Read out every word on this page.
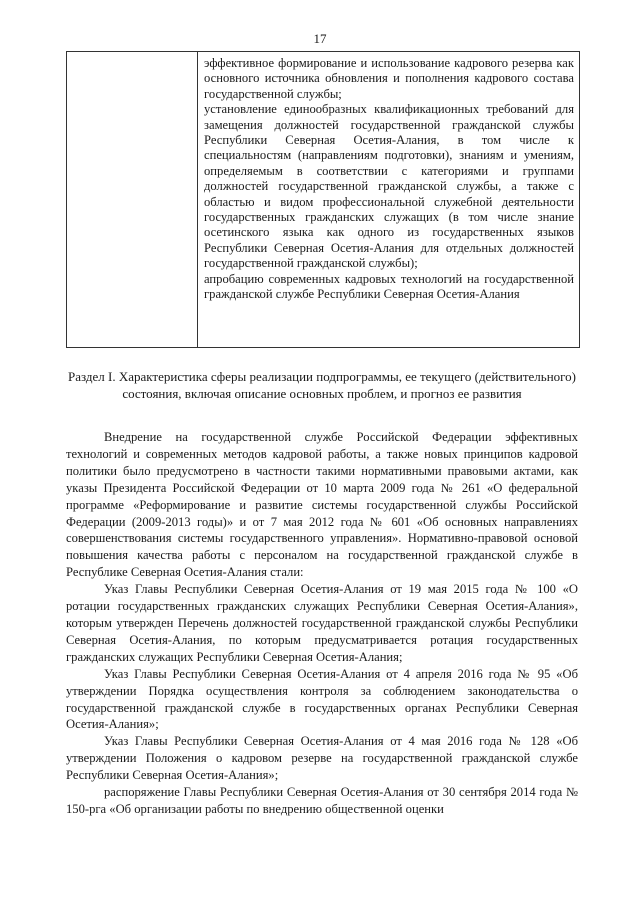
17

эффективное формирование и использование кадрового резерва как основного источника обновления и пополнения кадрового состава государственной службы;

установление единообразных квалификационных требований для замещения должностей государственной гражданской службы Республики Северная Осетия-Алания, в том числе к специальностям (направлениям подготовки), знаниям и умениям, определяемым в соответствии с категориями и группами должностей государственной гражданской службы, а также с областью и видом профессиональной служебной деятельности государственных гражданских служащих (в том числе знание осетинского языка как одного из государственных языков Республики Северная Осетия-Алания для отдельных должностей государственной гражданской службы);

апробацию современных кадровых технологий на государственной гражданской службе Республики Северная Осетия-Алания

Раздел I. Характеристика сферы реализации подпрограммы, ее текущего (действительного) состояния, включая описание основных проблем, и прогноз ее развития

Внедрение на государственной службе Российской Федерации эффективных технологий и современных методов кадровой работы, а также новых принципов кадровой политики было предусмотрено в частности такими нормативными правовыми актами, как указы Президента Российской Федерации от 10 марта 2009 года № 261 «О федеральной программе «Реформирование и развитие системы государственной службы Российской Федерации (2009-2013 годы)» и от 7 мая 2012 года № 601 «Об основных направлениях совершенствования системы государственного управления». Нормативно-правовой основой повышения качества работы с персоналом на государственной гражданской службе в Республике Северная Осетия-Алания стали:

Указ Главы Республики Северная Осетия-Алания от 19 мая 2015 года № 100 «О ротации государственных гражданских служащих Республики Северная Осетия-Алания», которым утвержден Перечень должностей государственной гражданской службы Республики Северная Осетия-Алания, по которым предусматривается ротация государственных гражданских служащих Республики Северная Осетия-Алания;

Указ Главы Республики Северная Осетия-Алания от 4 апреля 2016 года № 95 «Об утверждении Порядка осуществления контроля за соблюдением законодательства о государственной гражданской службе в государственных органах Республики Северная Осетия-Алания»;

Указ Главы Республики Северная Осетия-Алания от 4 мая 2016 года № 128 «Об утверждении Положения о кадровом резерве на государственной гражданской службе Республики Северная Осетия-Алания»;

распоряжение Главы Республики Северная Осетия-Алания от 30 сентября 2014 года № 150-рга «Об организации работы по внедрению общественной оценки
